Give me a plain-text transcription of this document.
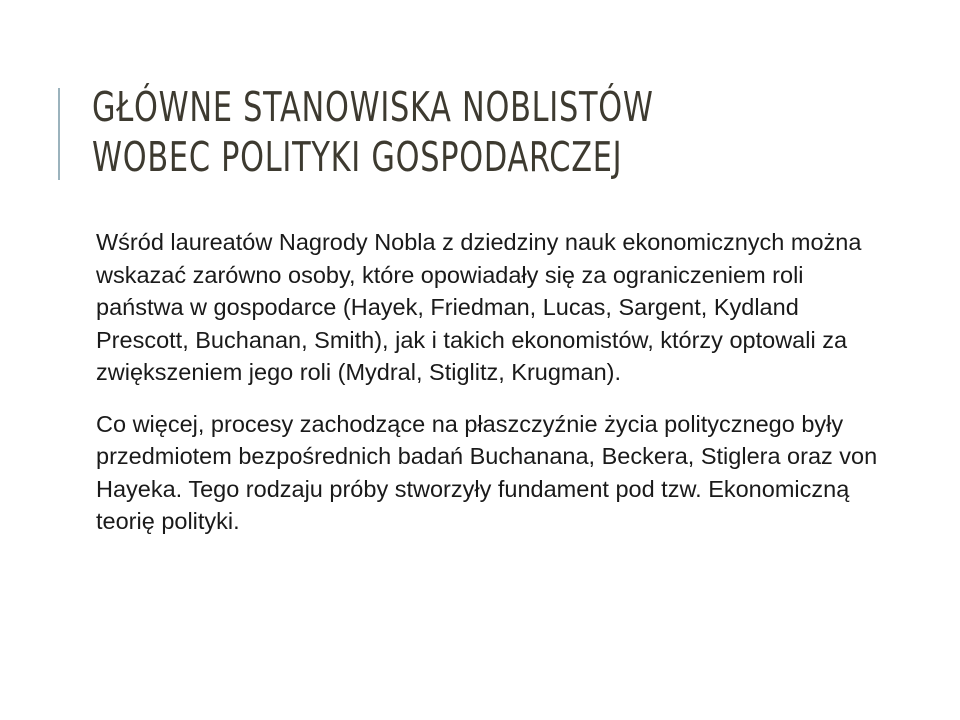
GŁÓWNE STANOWISKA NOBLISTÓW
WOBEC POLITYKI GOSPODARCZEJ

Wśród laureatów Nagrody Nobla z dziedziny nauk ekonomicznych można wskazać zarówno osoby, które opowiadały się za ograniczeniem roli państwa w gospodarce (Hayek, Friedman, Lucas, Sargent, Kydland Prescott, Buchanan, Smith), jak i takich ekonomistów, którzy optowali za zwiększeniem jego roli (Mydral, Stiglitz, Krugman).

Co więcej, procesy zachodzące na płaszczyźnie życia politycznego były przedmiotem bezpośrednich badań Buchanana, Beckera, Stiglera oraz von Hayeka. Tego rodzaju próby stworzyły fundament pod tzw. Ekonomiczną teorię polityki.
